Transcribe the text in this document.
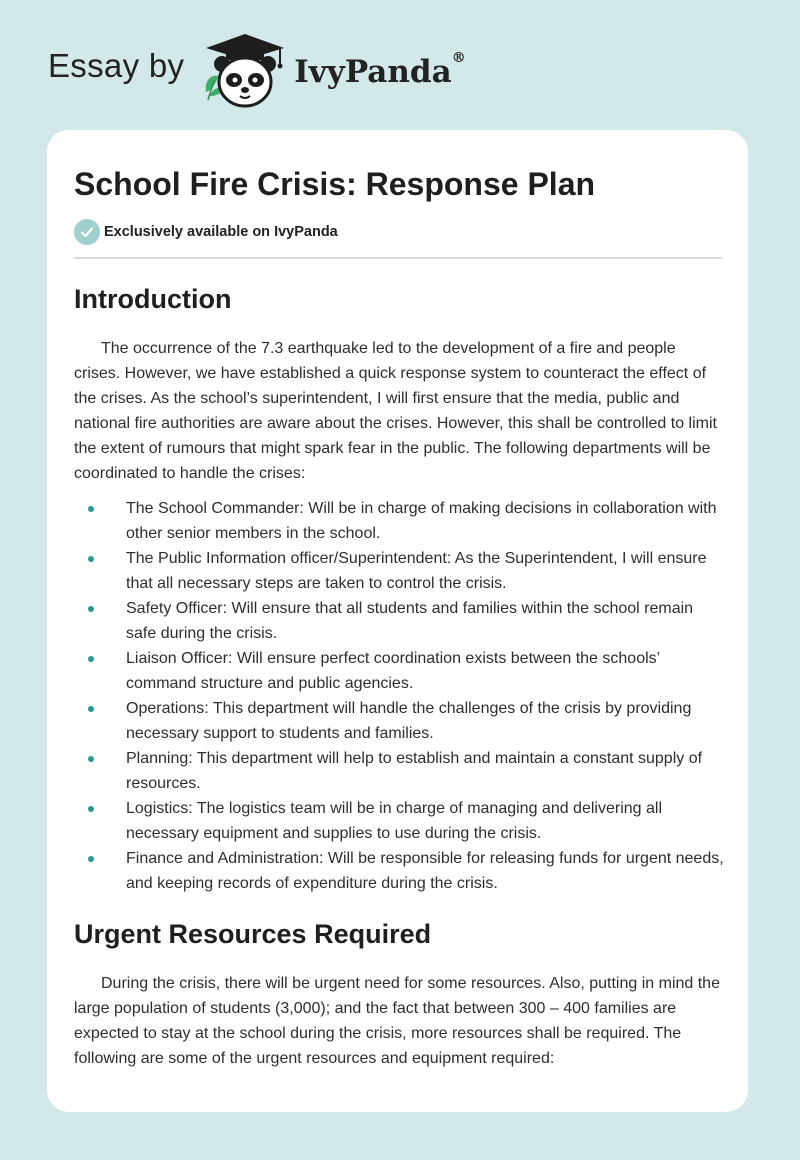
Essay by	IvyPanda®
School Fire Crisis: Response Plan
Exclusively available on IvyPanda
Introduction

The occurrence of the 7.3 earthquake led to the development of a fire and people crises. However, we have established a quick response system to counteract the effect of the crises. As the school’s superintendent, I will first ensure that the media, public and national fire authorities are aware about the crises. However, this shall be controlled to limit the extent of rumours that might spark fear in the public. The following departments will be coordinated to handle the crises:

The School Commander: Will be in charge of making decisions in collaboration with other senior members in the school.
The Public Information officer/Superintendent: As the Superintendent, I will ensure that all necessary steps are taken to control the crisis.
Safety Officer: Will ensure that all students and families within the school remain safe during the crisis.
Liaison Officer: Will ensure perfect coordination exists between the schools’ command structure and public agencies.
Operations: This department will handle the challenges of the crisis by providing necessary support to students and families.
Planning: This department will help to establish and maintain a constant supply of resources.
Logistics: The logistics team will be in charge of managing and delivering all necessary equipment and supplies to use during the crisis.
Finance and Administration: Will be responsible for releasing funds for urgent needs, and keeping records of expenditure during the crisis.
Urgent Resources Required

During the crisis, there will be urgent need for some resources. Also, putting in mind the large population of students (3,000); and the fact that between 300 – 400 families are expected to stay at the school during the crisis, more resources shall be required. The following are some of the urgent resources and equipment required:
